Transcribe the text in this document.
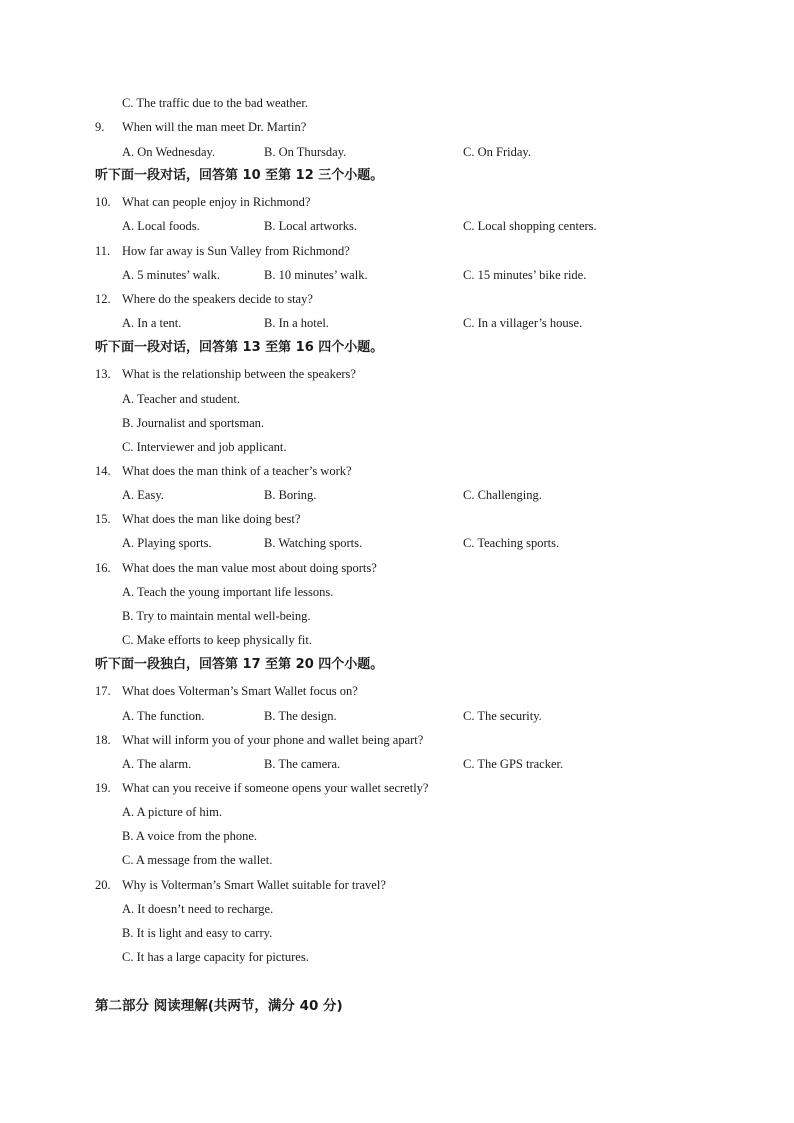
C. The traffic due to the bad weather.
9. When will the man meet Dr. Martin?
A. On Wednesday.	B. On Thursday.	C. On Friday.
听下面一段对话，回答第 10 至第 12 三个小题。
10. What can people enjoy in Richmond?
A. Local foods.	B. Local artworks.	C. Local shopping centers.
11. How far away is Sun Valley from Richmond?
A. 5 minutes’ walk.	B. 10 minutes’ walk.	C. 15 minutes’ bike ride.
12. Where do the speakers decide to stay?
A. In a tent.	B. In a hotel.	C. In a villager’s house.
听下面一段对话，回答第 13 至第 16 四个小题。
13. What is the relationship between the speakers?
A. Teacher and student.
B. Journalist and sportsman.
C. Interviewer and job applicant.
14. What does the man think of a teacher’s work?
A. Easy.	B. Boring.	C. Challenging.
15. What does the man like doing best?
A. Playing sports.	B. Watching sports.	C. Teaching sports.
16. What does the man value most about doing sports?
A. Teach the young important life lessons.
B. Try to maintain mental well-being.
C. Make efforts to keep physically fit.
听下面一段独白，回答第 17 至第 20 四个小题。
17. What does Volterman’s Smart Wallet focus on?
A. The function.	B. The design.	C. The security.
18. What will inform you of your phone and wallet being apart?
A. The alarm.	B. The camera.	C. The GPS tracker.
19. What can you receive if someone opens your wallet secretly?
A. A picture of him.
B. A voice from the phone.
C. A message from the wallet.
20. Why is Volterman’s Smart Wallet suitable for travel?
A. It doesn’t need to recharge.
B. It is light and easy to carry.
C. It has a large capacity for pictures.
第二部分 阅读理解(共两节，满分 40 分)
